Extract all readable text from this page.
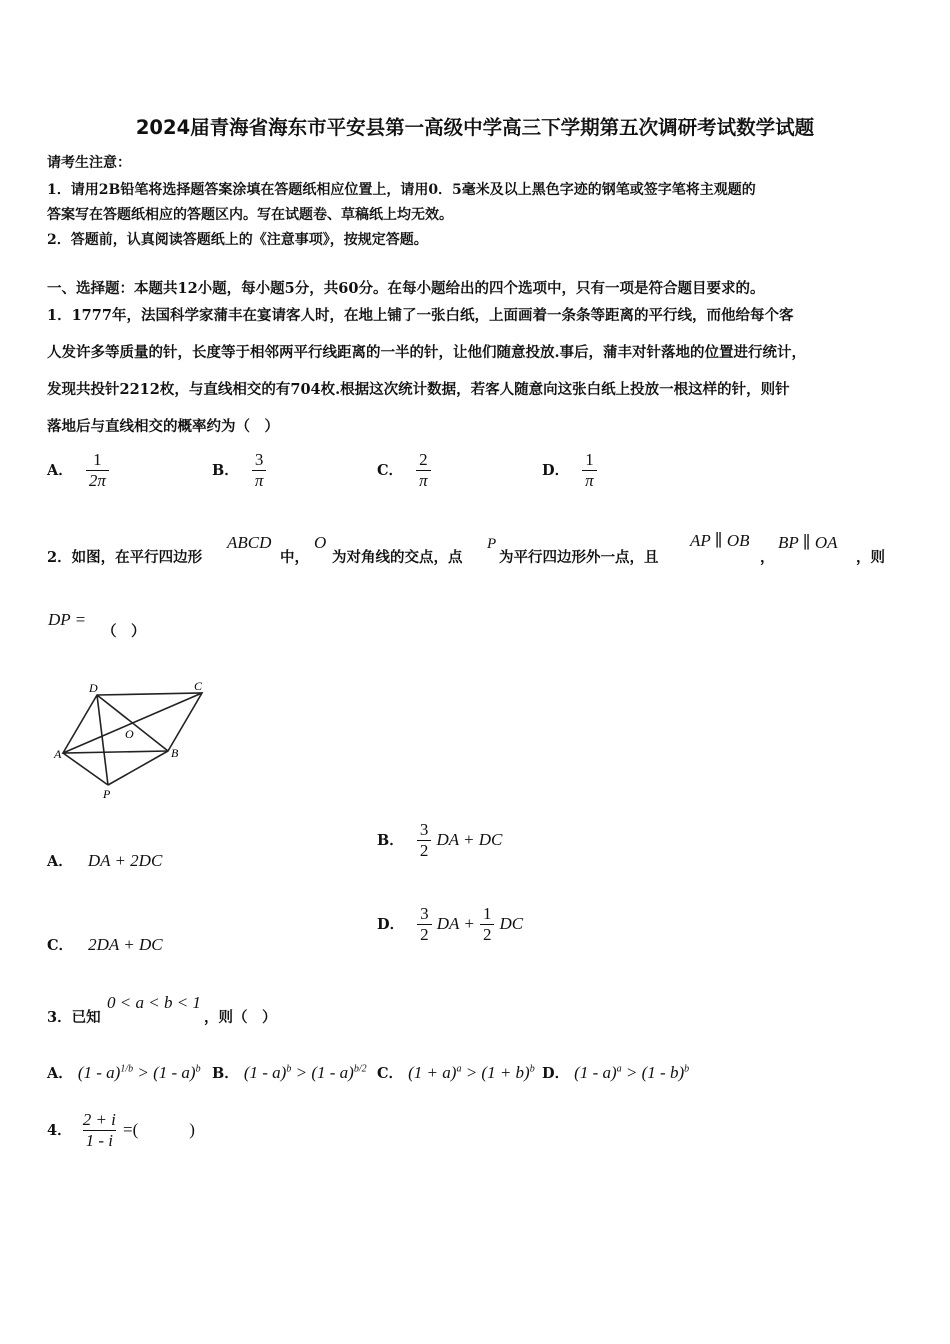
2024届青海省海东市平安县第一高级中学高三下学期第五次调研考试数学试题
请考生注意：
1．请用2B铅笔将选择题答案涂填在答题纸相应位置上，请用0．5毫米及以上黑色字迹的钢笔或签字笔将主观题的
答案写在答题纸相应的答题区内。写在试题卷、草稿纸上均无效。
2．答题前，认真阅读答题纸上的《注意事项》，按规定答题。
一、选择题：本题共12小题，每小题5分，共60分。在每小题给出的四个选项中，只有一项是符合题目要求的。
1．1777年，法国科学家蒲丰在宴请客人时，在地上铺了一张白纸，上面画着一条条等距离的平行线，而他给每个客
人发许多等质量的针，长度等于相邻两平行线距离的一半的针，让他们随意投放.事后，蒲丰对针落地的位置进行统计，
发现共投针2212枚，与直线相交的有704枚.根据这次统计数据，若客人随意向这张白纸上投放一根这样的针，则针
落地后与直线相交的概率约为（　）
A． $\frac{1}{2\pi}$	B． $\frac{3}{\pi}$	C． $\frac{2}{\pi}$	D． $\frac{1}{\pi}$
2．如图，在平行四边形
ABCD
中，
O
为对角线的交点，点
P
为平行四边形外一点，且
AP ∥ OB
，
BP ∥ OA
，则
DP =
（　）
D	C
A	B
O
P
A． DA + 2DC
B． $\frac{3}{2}$ DA + DC
C． 2DA + DC
D． $\frac{3}{2}$ DA + $\frac{1}{2}$ DC
3．已知
0 < a < b < 1
，则（　）
A． (1 - a)$^{1/b}$ > (1 - a)$^b$ B． (1 - a)$^b$ > (1 - a)$^{b/2}$ C． $(1 + a)^a > (1 + b)^b$ D． (1 - a)$^a$ > (1 - b)$^b$
4． $\frac{2 + i}{1 - i}$ =(　　　)
